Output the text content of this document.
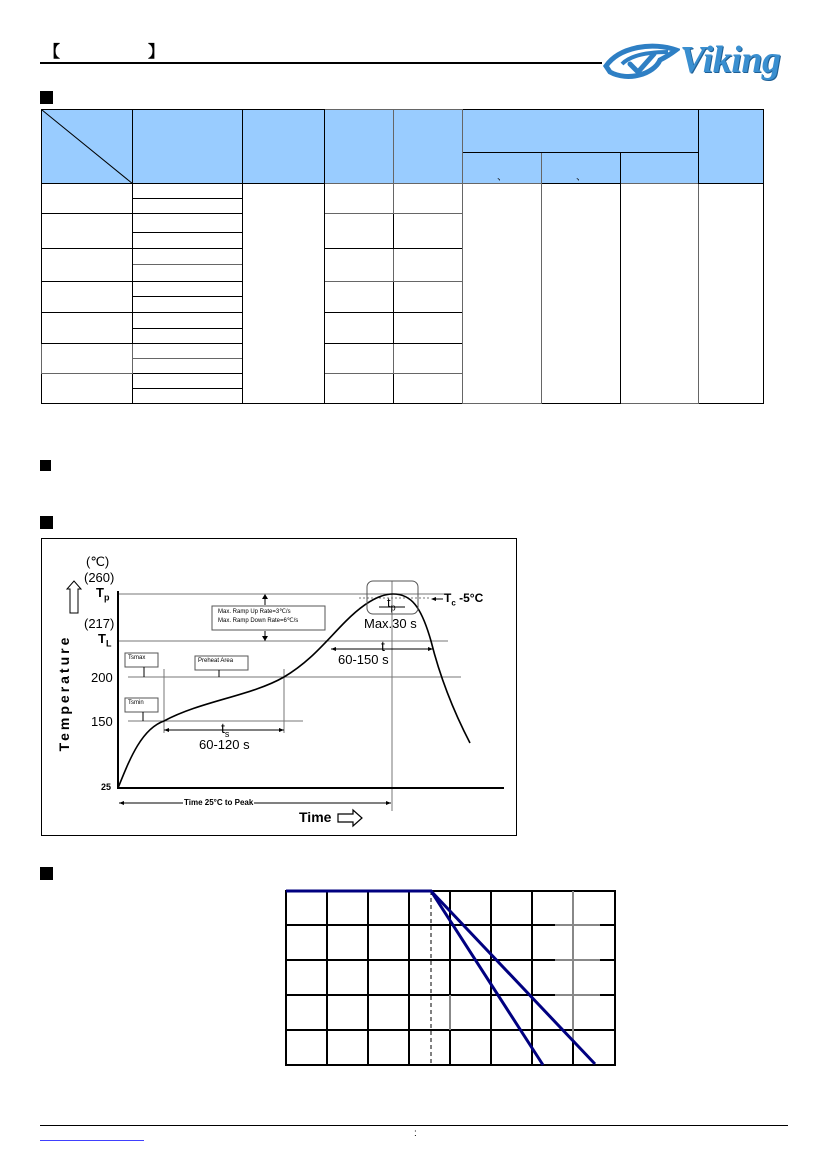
【	】	Viking

					、	、		

(℃)
(260)
$T_p$
(217)
$T_L$
200
150
25
Temperature
Time
Max. Ramp Up Rate=3℃/s
Max. Ramp Down Rate=6℃/s
Tsmax	Preheat Area
Tsmin
$T_c$ -5°C
$t_p$
Max.30 s
t
60-150 s
$t_s$
60-120 s
Time 25°C to Peak
:
